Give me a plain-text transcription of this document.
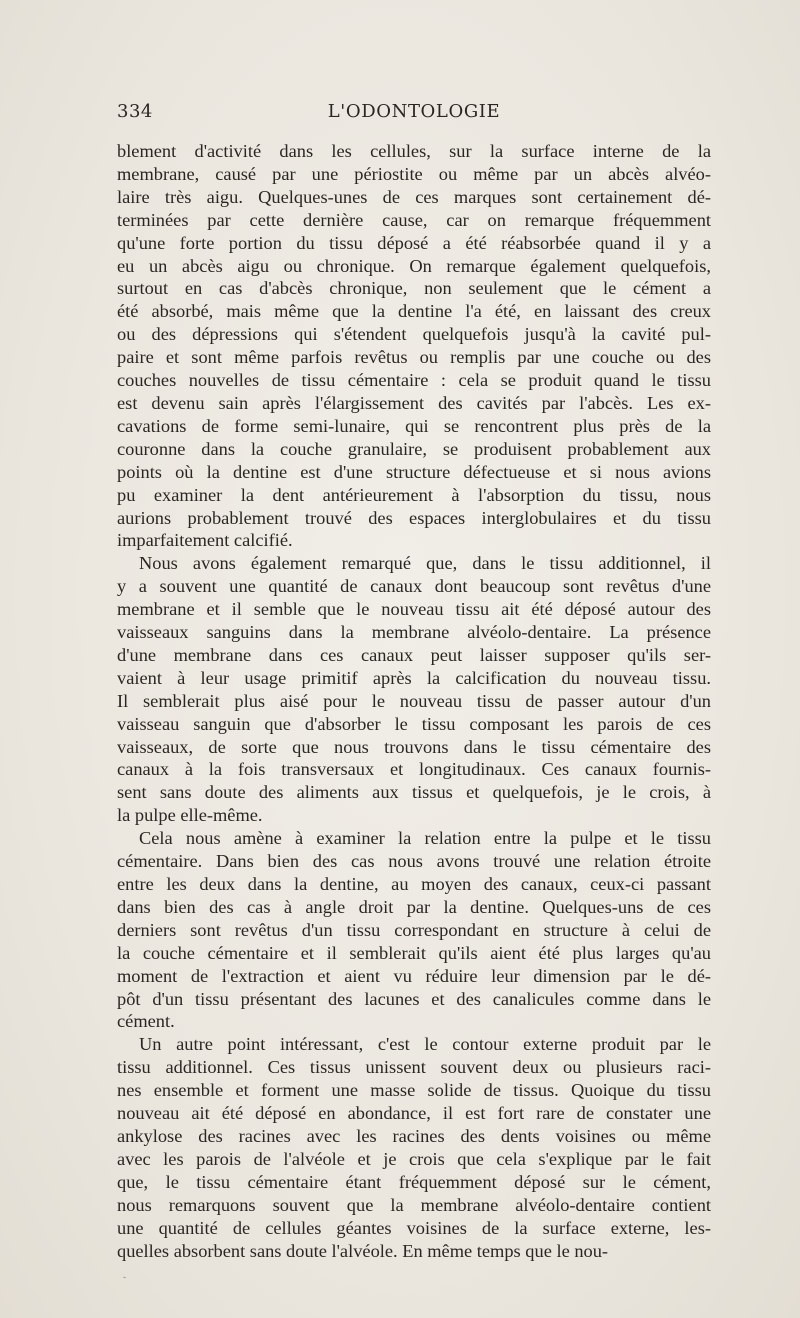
334	L'ODONTOLOGIE
blement d'activité dans les cellules, sur la surface interne de la
membrane, causé par une périostite ou même par un abcès alvéo-
laire très aigu. Quelques-unes de ces marques sont certainement dé-
terminées par cette dernière cause, car on remarque fréquemment
qu'une forte portion du tissu déposé a été réabsorbée quand il y a
eu un abcès aigu ou chronique. On remarque également quelquefois,
surtout en cas d'abcès chronique, non seulement que le cément a
été absorbé, mais même que la dentine l'a été, en laissant des creux
ou des dépressions qui s'étendent quelquefois jusqu'à la cavité pul-
paire et sont même parfois revêtus ou remplis par une couche ou des
couches nouvelles de tissu cémentaire : cela se produit quand le tissu
est devenu sain après l'élargissement des cavités par l'abcès. Les ex-
cavations de forme semi-lunaire, qui se rencontrent plus près de la
couronne dans la couche granulaire, se produisent probablement aux
points où la dentine est d'une structure défectueuse et si nous avions
pu examiner la dent antérieurement à l'absorption du tissu, nous
aurions probablement trouvé des espaces interglobulaires et du tissu
imparfaitement calcifié.
Nous avons également remarqué que, dans le tissu additionnel, il
y a souvent une quantité de canaux dont beaucoup sont revêtus d'une
membrane et il semble que le nouveau tissu ait été déposé autour des
vaisseaux sanguins dans la membrane alvéolo-dentaire. La présence
d'une membrane dans ces canaux peut laisser supposer qu'ils ser-
vaient à leur usage primitif après la calcification du nouveau tissu.
Il semblerait plus aisé pour le nouveau tissu de passer autour d'un
vaisseau sanguin que d'absorber le tissu composant les parois de ces
vaisseaux, de sorte que nous trouvons dans le tissu cémentaire des
canaux à la fois transversaux et longitudinaux. Ces canaux fournis-
sent sans doute des aliments aux tissus et quelquefois, je le crois, à
la pulpe elle-même.
Cela nous amène à examiner la relation entre la pulpe et le tissu
cémentaire. Dans bien des cas nous avons trouvé une relation étroite
entre les deux dans la dentine, au moyen des canaux, ceux-ci passant
dans bien des cas à angle droit par la dentine. Quelques-uns de ces
derniers sont revêtus d'un tissu correspondant en structure à celui de
la couche cémentaire et il semblerait qu'ils aient été plus larges qu'au
moment de l'extraction et aient vu réduire leur dimension par le dé-
pôt d'un tissu présentant des lacunes et des canalicules comme dans le
cément.
Un autre point intéressant, c'est le contour externe produit par le
tissu additionnel. Ces tissus unissent souvent deux ou plusieurs raci-
nes ensemble et forment une masse solide de tissus. Quoique du tissu
nouveau ait été déposé en abondance, il est fort rare de constater une
ankylose des racines avec les racines des dents voisines ou même
avec les parois de l'alvéole et je crois que cela s'explique par le fait
que, le tissu cémentaire étant fréquemment déposé sur le cément,
nous remarquons souvent que la membrane alvéolo-dentaire contient
une quantité de cellules géantes voisines de la surface externe, les-
quelles absorbent sans doute l'alvéole. En même temps que le nou-
-
